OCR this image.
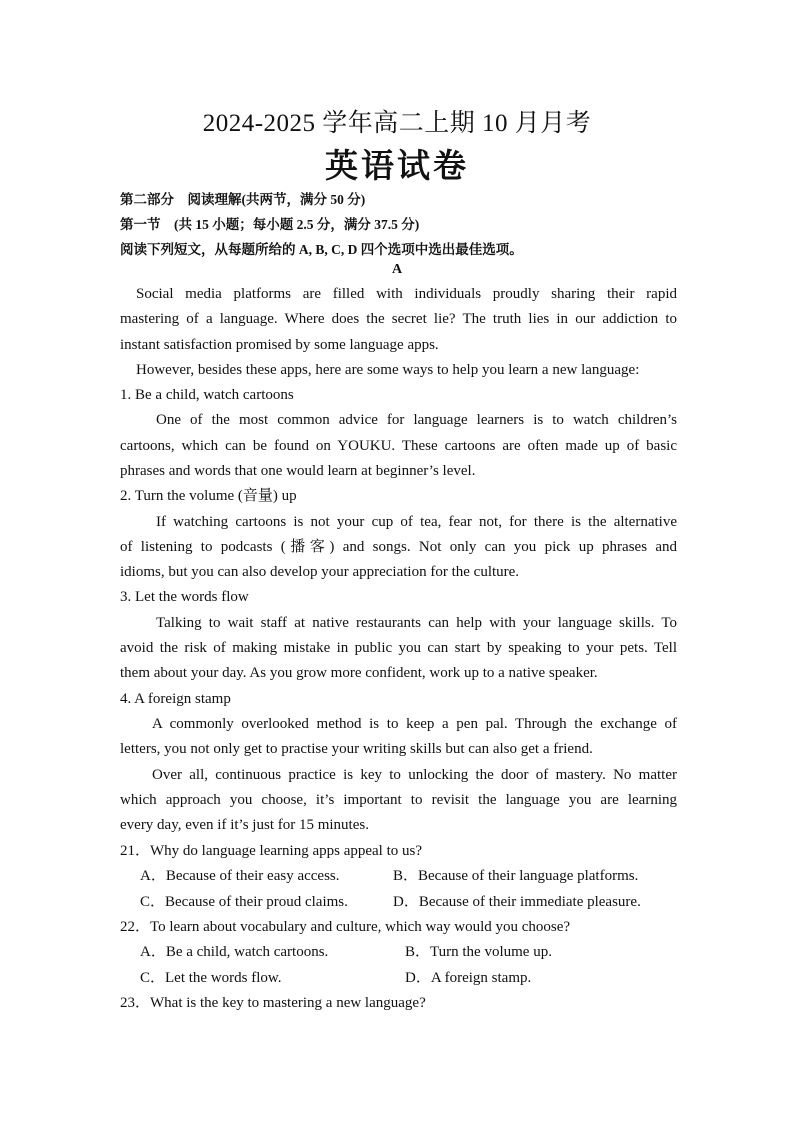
2024-2025 学年高二上期 10 月月考
英语试卷
第二部分　阅读理解(共两节，满分 50 分)
第一节　(共 15 小题；每小题 2.5 分，满分 37.5 分)
阅读下列短文，从每题所给的 A, B, C, D 四个选项中选出最佳选项。
A
Social media platforms are filled with individuals proudly sharing their rapid
mastering of a language. Where does the secret lie? The truth lies in our addiction to
instant satisfaction promised by some language apps.
However, besides these apps, here are some ways to help you learn a new language:
1. Be a child, watch cartoons
One of the most common advice for language learners is to watch children’s
cartoons, which can be found on YOUKU. These cartoons are often made up of basic
phrases and words that one would learn at beginner’s level.
2. Turn the volume (音量) up
If watching cartoons is not your cup of tea, fear not, for there is the alternative
of listening to podcasts (播客) and songs. Not only can you pick up phrases and
idioms, but you can also develop your appreciation for the culture.
3. Let the words flow
Talking to wait staff at native restaurants can help with your language skills. To
avoid the risk of making mistake in public you can start by speaking to your pets. Tell
them about your day. As you grow more confident, work up to a native speaker.
4. A foreign stamp
A commonly overlooked method is to keep a pen pal. Through the exchange of
letters, you not only get to practise your writing skills but can also get a friend.
Over all, continuous practice is key to unlocking the door of mastery. No matter
which approach you choose, it’s important to revisit the language you are learning
every day, even if it’s just for 15 minutes.
21．Why do language learning apps appeal to us?
A．Because of their easy access.	B．Because of their language platforms.
C．Because of their proud claims.	D．Because of their immediate pleasure.
22．To learn about vocabulary and culture, which way would you choose?
A．Be a child, watch cartoons.	B．Turn the volume up.
C．Let the words flow.	D．A foreign stamp.
23．What is the key to mastering a new language?
